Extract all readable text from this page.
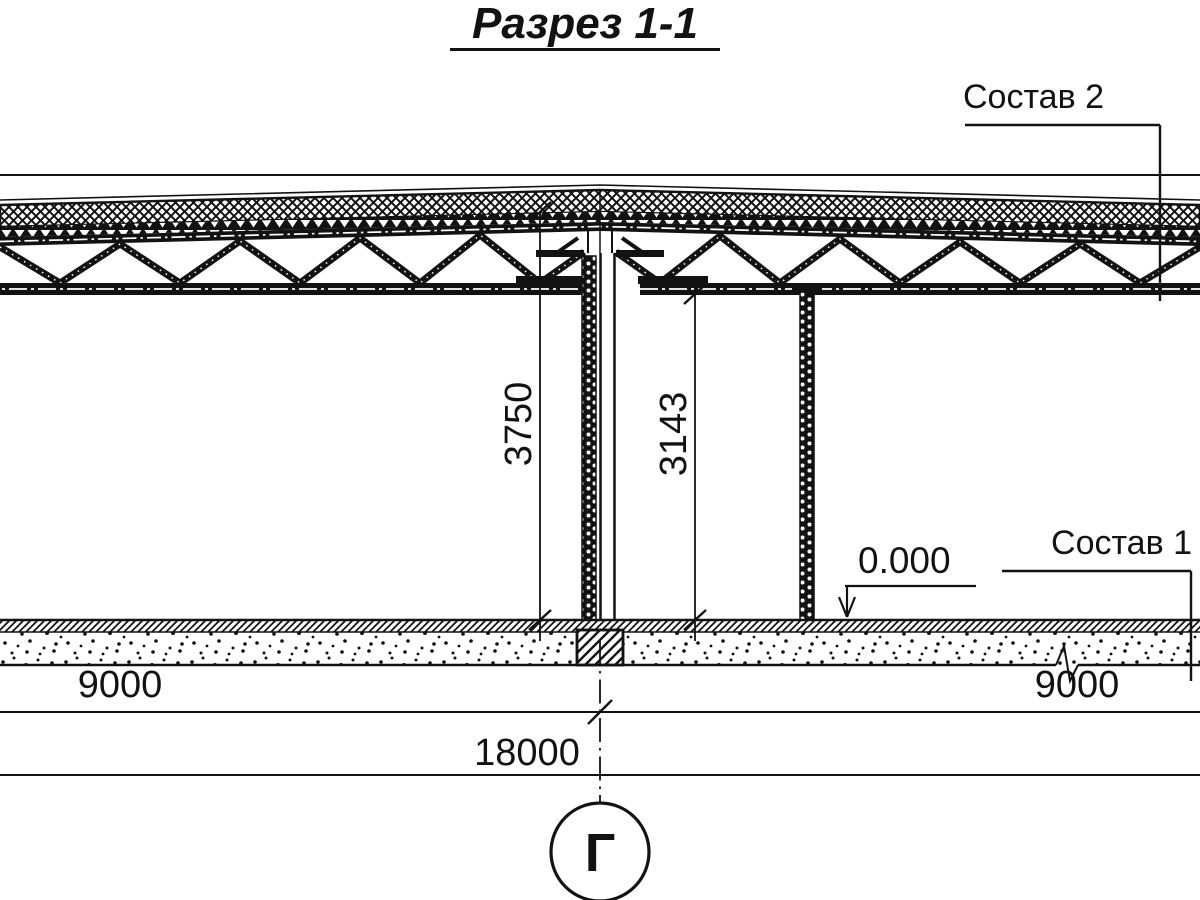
Разрез 1-1
Состав 2
Состав 1
0.000
3750	3143
9000	9000
18000
Г
